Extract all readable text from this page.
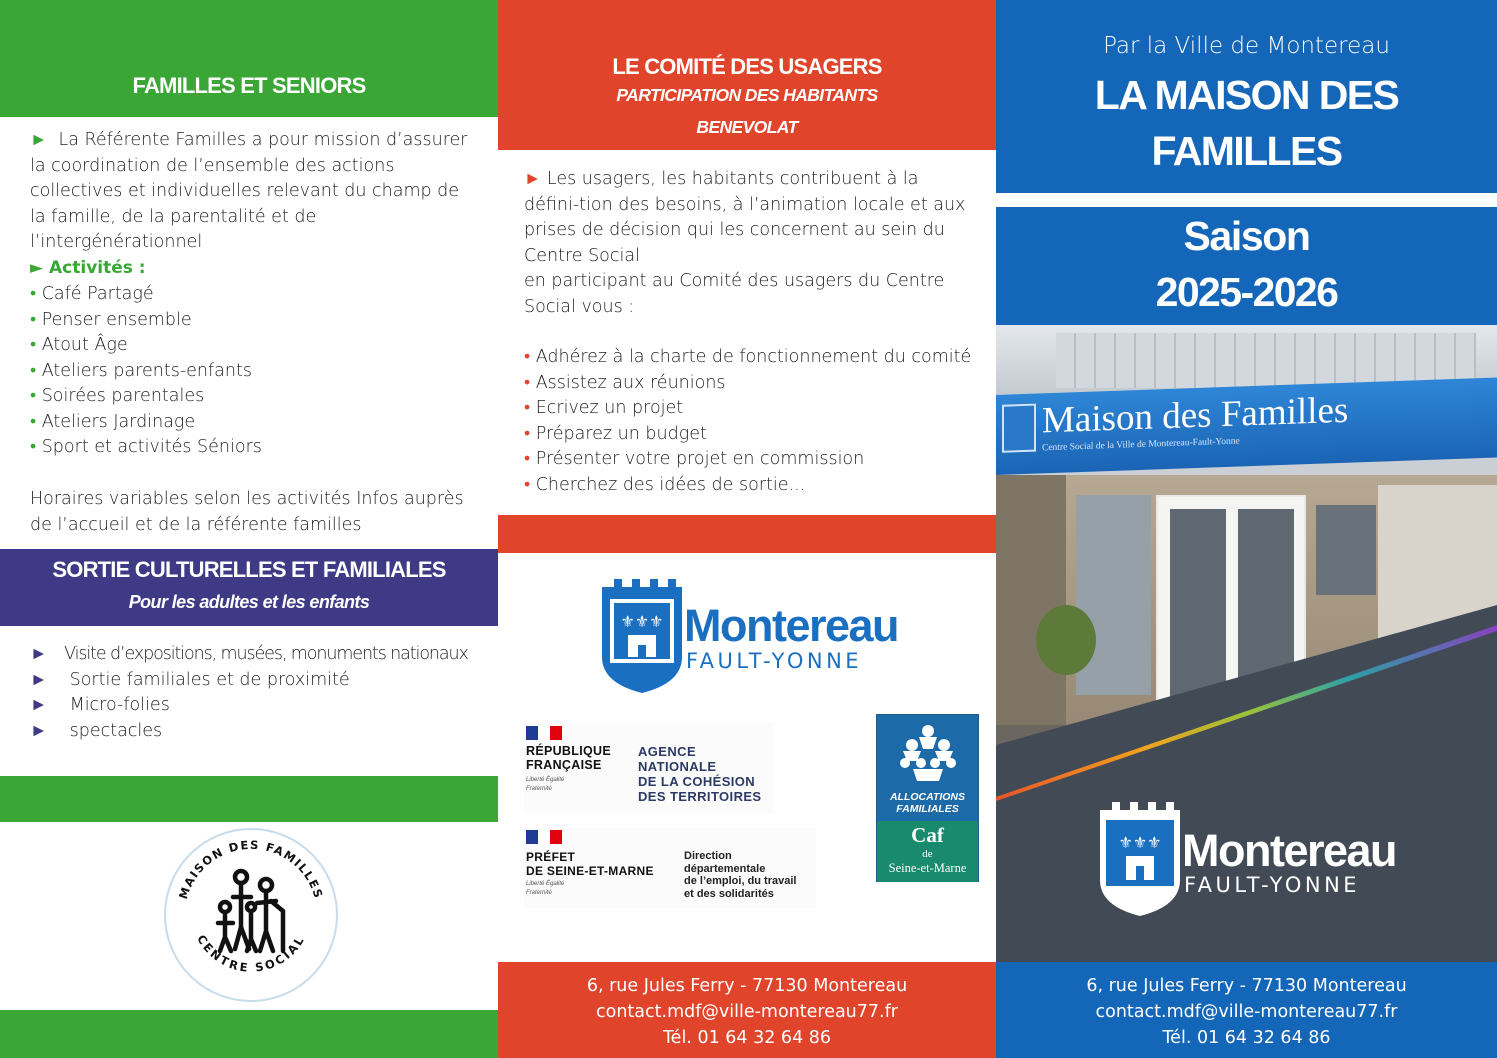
FAMILLES ET SENIORS
► La Référente Familles a pour mission d’assurer la coordination de l’ensemble des actions collectives et individuelles relevant du champ de la famille, de la parentalité et de l’intergénérationnel
► Activités :
• Café Partagé
• Penser ensemble
• Atout Âge
• Ateliers parents-enfants
• Soirées parentales
• Ateliers Jardinage
• Sport et activités Séniors
Horaires variables selon les activités Infos auprès de l’accueil et de la référente familles
SORTIE CULTURELLES ET FAMILIALES
Pour les adultes et les enfants
► Visite d’expositions, musées, monuments nationaux
► Sortie familiales et de proximité
► Micro-folies
► spectacles
MAISON DES FAMILLES
CENTRE SOCIAL
LE COMITÉ DES USAGERS
PARTICIPATION DES HABITANTS
BENEVOLAT
► Les usagers, les habitants contribuent à la défini-tion des besoins, à l’animation locale et aux prises de décision qui les concernent au sein du Centre Social
en participant au Comité des usagers du Centre Social vous :
• Adhérez à la charte de fonctionnement du comité
• Assistez aux réunions
• Ecrivez un projet
• Préparez un budget
• Présenter votre projet en commission
• Cherchez des idées de sortie...
⚜⚜⚜ Montereau
FAULT-YONNE
RÉPUBLIQUE
FRANÇAISE
Liberté Égalité Fraternité
AGENCE
NATIONALE
DE LA COHÉSION
DES TERRITOIRES
PRÉFET
DE SEINE-ET-MARNE
Liberté Égalité Fraternité
Direction
départementale
de l’emploi, du travail
et des solidarités
ALLOCATIONS
FAMILIALES
Caf
de
Seine-et-Marne
6, rue Jules Ferry - 77130 Montereau
contact.mdf@ville-montereau77.fr
Tél. 01 64 32 64 86
Par la Ville de Montereau
LA MAISON DES
FAMILLES
Saison
2025-2026
Maison des Familles
Centre Social de la Ville de Montereau-Fault-Yonne
⚜⚜⚜ Montereau
FAULT-YONNE
6, rue Jules Ferry - 77130 Montereau
contact.mdf@ville-montereau77.fr
Tél. 01 64 32 64 86
